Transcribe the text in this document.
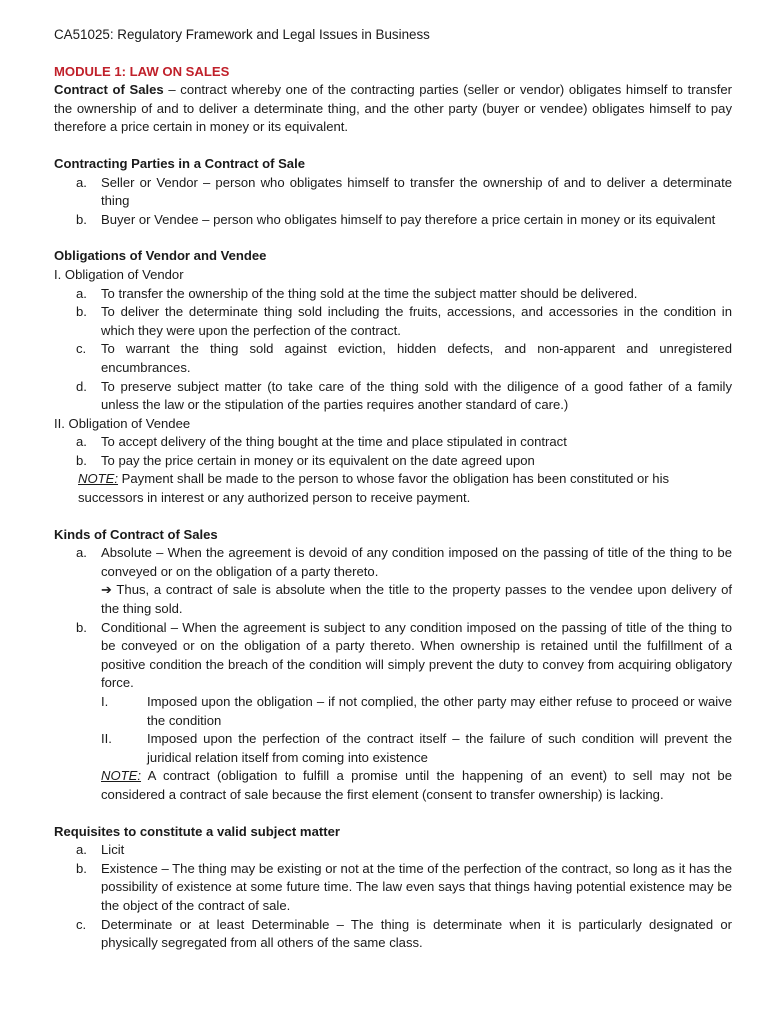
CA51025: Regulatory Framework and Legal Issues in Business
MODULE 1: LAW ON SALES

Contract of Sales – contract whereby one of the contracting parties (seller or vendor) obligates himself to transfer the ownership of and to deliver a determinate thing, and the other party (buyer or vendee) obligates himself to pay therefore a price certain in money or its equivalent.

Contracting Parties in a Contract of Sale
a. Seller or Vendor – person who obligates himself to transfer the ownership of and to deliver a determinate thing
b. Buyer or Vendee – person who obligates himself to pay therefore a price certain in money or its equivalent
Obligations of Vendor and Vendee
I. Obligation of Vendor
a. To transfer the ownership of the thing sold at the time the subject matter should be delivered.
b. To deliver the determinate thing sold including the fruits, accessions, and accessories in the condition in which they were upon the perfection of the contract.
c. To warrant the thing sold against eviction, hidden defects, and non-apparent and unregistered encumbrances.
d. To preserve subject matter (to take care of the thing sold with the diligence of a good father of a family unless the law or the stipulation of the parties requires another standard of care.)
II. Obligation of Vendee
a. To accept delivery of the thing bought at the time and place stipulated in contract
b. To pay the price certain in money or its equivalent on the date agreed upon
NOTE: Payment shall be made to the person to whose favor the obligation has been constituted or his successors in interest or any authorized person to receive payment.
Kinds of Contract of Sales
a. Absolute – When the agreement is devoid of any condition imposed on the passing of title of the thing to be conveyed or on the obligation of a party thereto.
➔ Thus, a contract of sale is absolute when the title to the property passes to the vendee upon delivery of the thing sold.
b. Conditional – When the agreement is subject to any condition imposed on the passing of title of the thing to be conveyed or on the obligation of a party thereto. When ownership is retained until the fulfillment of a positive condition the breach of the condition will simply prevent the duty to convey from acquiring obligatory force.
I.	Imposed upon the obligation – if not complied, the other party may either refuse to proceed or waive the condition
II.	Imposed upon the perfection of the contract itself – the failure of such condition will prevent the juridical relation itself from coming into existence
NOTE: A contract (obligation to fulfill a promise until the happening of an event) to sell may not be considered a contract of sale because the first element (consent to transfer ownership) is lacking.
Requisites to constitute a valid subject matter
a. Licit
b. Existence – The thing may be existing or not at the time of the perfection of the contract, so long as it has the possibility of existence at some future time. The law even says that things having potential existence may be the object of the contract of sale.
c. Determinate or at least Determinable – The thing is determinate when it is particularly designated or physically segregated from all others of the same class.
